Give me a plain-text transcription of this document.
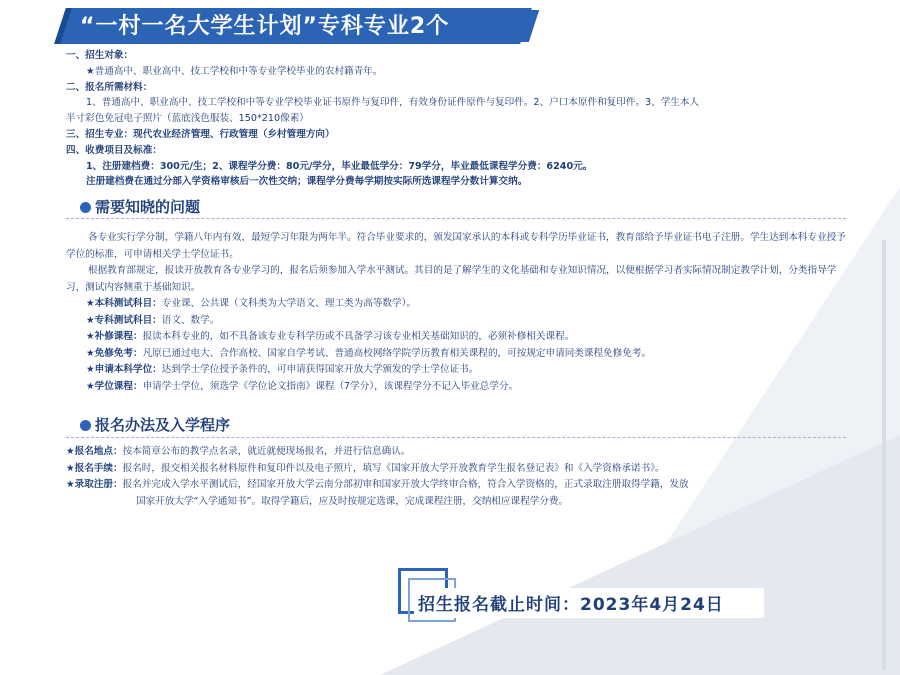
“一村一名大学生计划”专科专业2个
一、招生对象：
★普通高中、职业高中、技工学校和中等专业学校毕业的农村籍青年。
二、报名所需材料：
1、普通高中、职业高中、技工学校和中等专业学校毕业证书原件与复印件，有效身份证件原件与复印件。2、户口本原件和复印件。3、学生本人
半寸彩色免冠电子照片（蓝底浅色服装、150*210像素）
三、招生专业：现代农业经济管理、行政管理（乡村管理方向）
四、收费项目及标准：
1、注册建档费：300元/生；2、课程学分费：80元/学分，毕业最低学分：79学分，毕业最低课程学分费：6240元。
注册建档费在通过分部入学资格审核后一次性交纳；课程学分费每学期按实际所选课程学分数计算交纳。
需要知晓的问题

各专业实行学分制，学籍八年内有效，最短学习年限为两年半。符合毕业要求的，颁发国家承认的本科或专科学历毕业证书，教育部给予毕业证书电子注册。学生达到本科专业授予学位的标准，可申请相关学士学位证书。

根据教育部规定，报读开放教育各专业学习的，报名后须参加入学水平测试。其目的是了解学生的文化基础和专业知识情况，以便根据学习者实际情况制定教学计划，分类指导学习，测试内容侧重于基础知识。

★本科测试科目：专业课、公共课（文科类为大学语文、理工类为高等数学）。
★专科测试科目：语文、数学。
★补修课程：报读本科专业的，如不具备该专业专科学历或不具备学习该专业相关基础知识的，必须补修相关课程。
★免修免考：凡原已通过电大、合作高校、国家自学考试、普通高校网络学院学历教育相关课程的，可按规定申请同类课程免修免考。
★申请本科学位：达到学士学位授予条件的，可申请获得国家开放大学颁发的学士学位证书。
★学位课程：申请学士学位，须选学《学位论文指南》课程（7学分），该课程学分不记入毕业总学分。
报名办法及入学程序
★报名地点：按本简章公布的教学点名录，就近就便现场报名，并进行信息确认。
★报名手续：报名时，报交相关报名材料原件和复印件以及电子照片，填写《国家开放大学开放教育学生报名登记表》和《入学资格承诺书》。
★录取注册：报名并完成入学水平测试后，经国家开放大学云南分部初审和国家开放大学终审合格，符合入学资格的，正式录取注册取得学籍，发放
国家开放大学“入学通知书”。取得学籍后，应及时按规定选课，完成课程注册，交纳相应课程学分费。
招生报名截止时间：2023年4月24日
